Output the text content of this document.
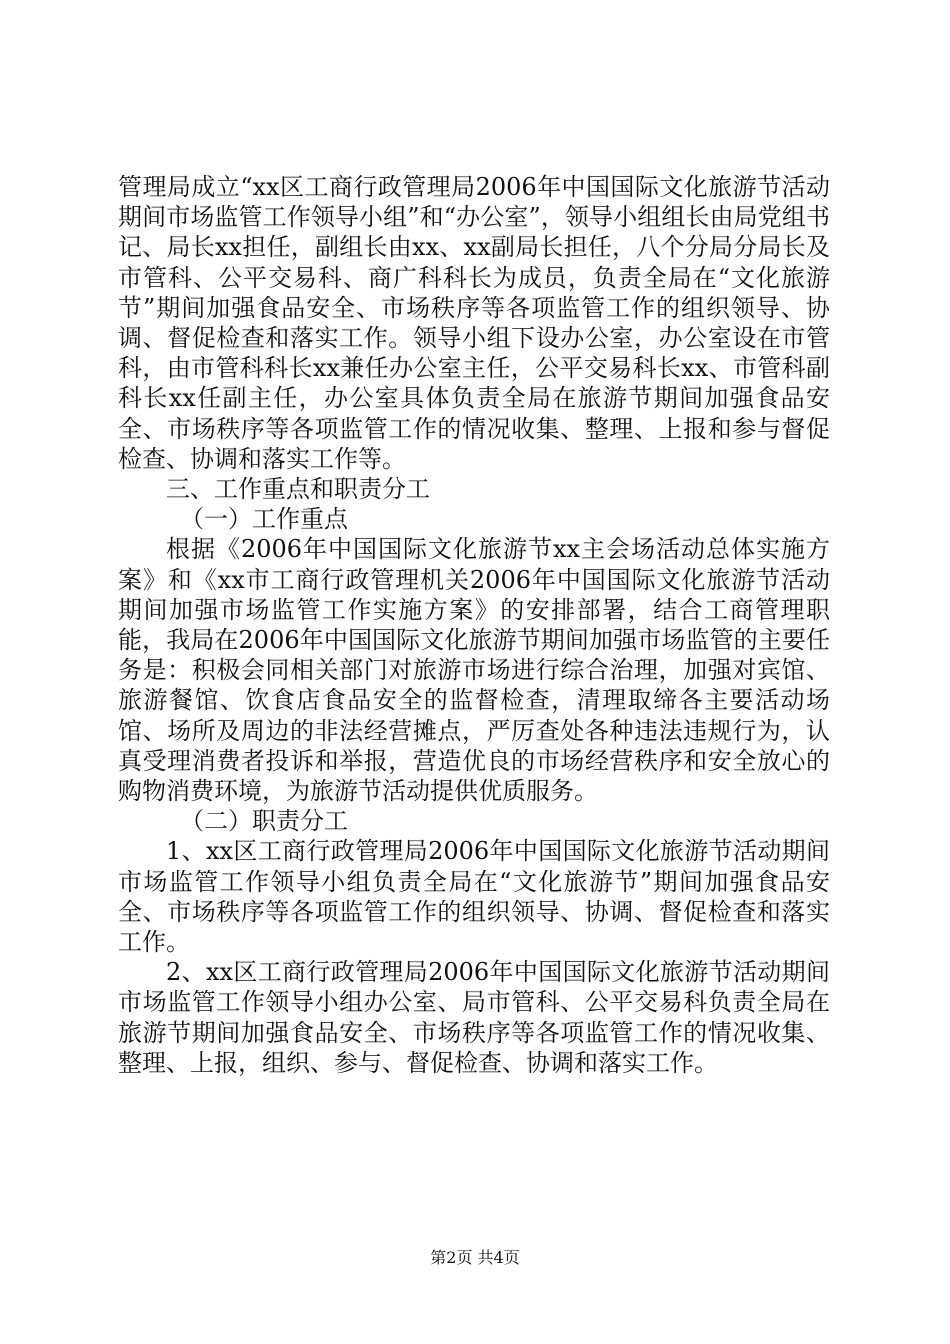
管理局成立“xx区工商行政管理局2006年中国国际文化旅游节活动期间市场监管工作领导小组”和“办公室”，领导小组组长由局党组书记、局长xx担任，副组长由xx、xx副局长担任，八个分局分局长及市管科、公平交易科、商广科科长为成员，负责全局在“文化旅游节”期间加强食品安全、市场秩序等各项监管工作的组织领导、协调、督促检查和落实工作。领导小组下设办公室，办公室设在市管科，由市管科科长xx兼任办公室主任，公平交易科长xx、市管科副科长xx任副主任，办公室具体负责全局在旅游节期间加强食品安全、市场秩序等各项监管工作的情况收集、整理、上报和参与督促检查、协调和落实工作等。

三、工作重点和职责分工

（一）工作重点

根据《2006年中国国际文化旅游节xx主会场活动总体实施方案》和《xx市工商行政管理机关2006年中国国际文化旅游节活动期间加强市场监管工作实施方案》的安排部署，结合工商管理职能，我局在2006年中国国际文化旅游节期间加强市场监管的主要任务是：积极会同相关部门对旅游市场进行综合治理，加强对宾馆、旅游餐馆、饮食店食品安全的监督检查，清理取缔各主要活动场馆、场所及周边的非法经营摊点，严厉查处各种违法违规行为，认真受理消费者投诉和举报，营造优良的市场经营秩序和安全放心的购物消费环境，为旅游节活动提供优质服务。

（二）职责分工

1、xx区工商行政管理局2006年中国国际文化旅游节活动期间市场监管工作领导小组负责全局在“文化旅游节”期间加强食品安全、市场秩序等各项监管工作的组织领导、协调、督促检查和落实工作。

2、xx区工商行政管理局2006年中国国际文化旅游节活动期间市场监管工作领导小组办公室、局市管科、公平交易科负责全局在旅游节期间加强食品安全、市场秩序等各项监管工作的情况收集、整理、上报，组织、参与、督促检查、协调和落实工作。

第2页 共4页
